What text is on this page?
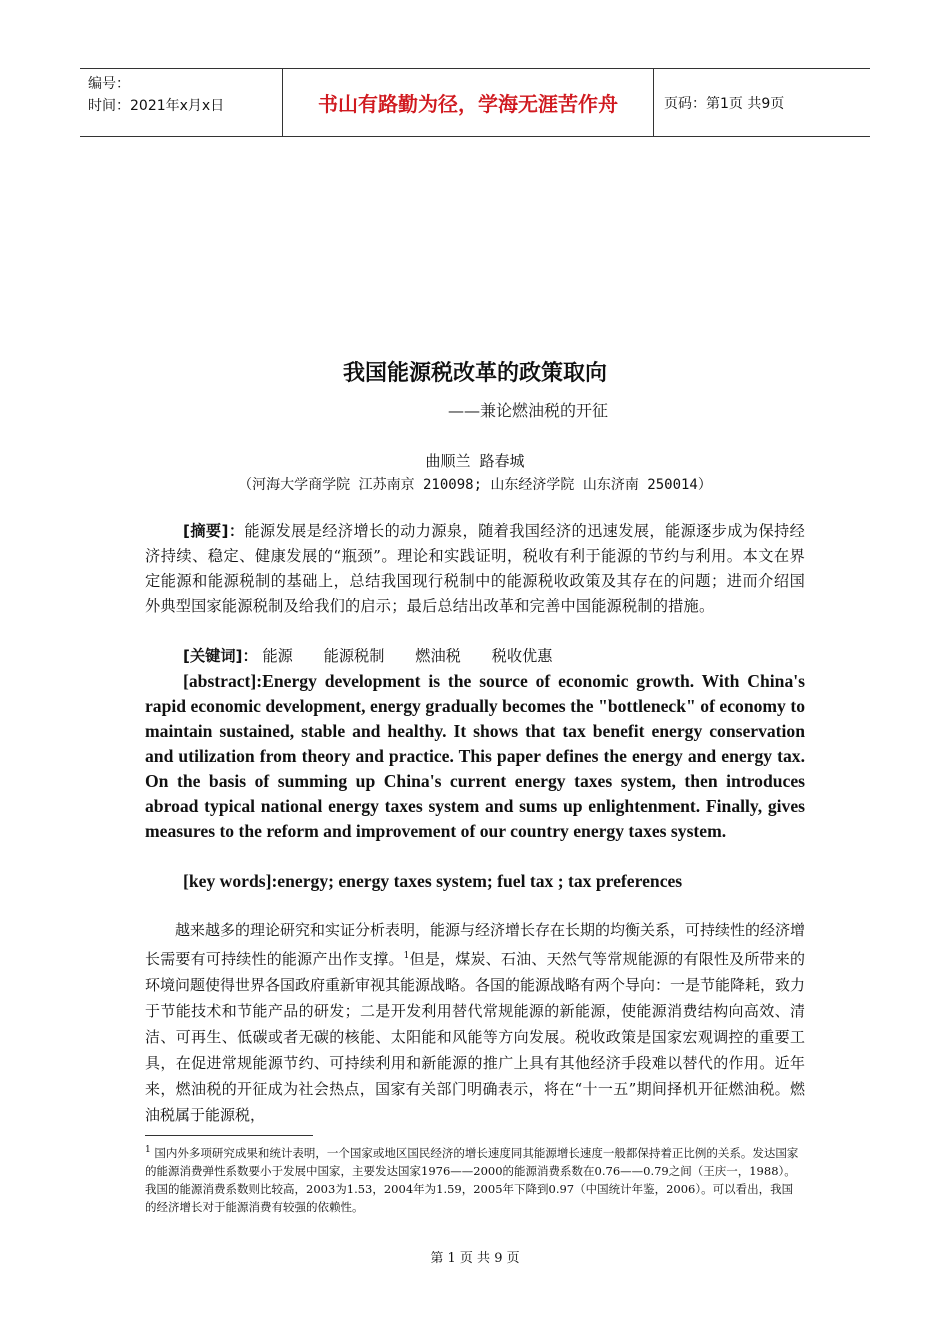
编号：
时间：2021年x月x日	书山有路勤为径，学海无涯苦作舟	页码：第1页 共9页
我国能源税改革的政策取向
——兼论燃油税的开征
曲顺兰 路春城
（河海大学商学院 江苏南京 210098; 山东经济学院 山东济南 250014）
[摘要]：能源发展是经济增长的动力源泉，随着我国经济的迅速发展，能源逐步成为保持经济持续、稳定、健康发展的“瓶颈”。理论和实践证明，税收有利于能源的节约与利用。本文在界定能源和能源税制的基础上，总结我国现行税制中的能源税收政策及其存在的问题；进而介绍国外典型国家能源税制及给我们的启示；最后总结出改革和完善中国能源税制的措施。
[关键词]： 能源 能源税制 燃油税 税收优惠
[abstract]:Energy development is the source of economic growth. With China's rapid economic development, energy gradually becomes the "bottleneck" of economy to maintain sustained, stable and healthy. It shows that tax benefit energy conservation and utilization from theory and practice. This paper defines the energy and energy tax. On the basis of summing up China's current energy taxes system, then introduces abroad typical national energy taxes system and sums up enlightenment. Finally, gives measures to the reform and improvement of our country energy taxes system.
[key words]:energy; energy taxes system; fuel tax ; tax preferences
越来越多的理论研究和实证分析表明，能源与经济增长存在长期的均衡关系，可持续性的经济增长需要有可持续性的能源产出作支撑。$^1$但是，煤炭、石油、天然气等常规能源的有限性及所带来的环境问题使得世界各国政府重新审视其能源战略。各国的能源战略有两个导向：一是节能降耗，致力于节能技术和节能产品的研发；二是开发利用替代常规能源的新能源，使能源消费结构向高效、清洁、可再生、低碳或者无碳的核能、太阳能和风能等方向发展。税收政策是国家宏观调控的重要工具，在促进常规能源节约、可持续利用和新能源的推广上具有其他经济手段难以替代的作用。近年来，燃油税的开征成为社会热点，国家有关部门明确表示，将在“十一五”期间择机开征燃油税。燃油税属于能源税，
$^1$ 国内外多项研究成果和统计表明，一个国家或地区国民经济的增长速度同其能源增长速度一般都保持着正比例的关系。发达国家的能源消费弹性系数要小于发展中国家，主要发达国家1976——2000的能源消费系数在0.76——0.79之间（王庆一，1988）。我国的能源消费系数则比较高，2003为1.53，2004年为1.59，2005年下降到0.97（中国统计年鉴，2006）。可以看出，我国的经济增长对于能源消费有较强的依赖性。
第 1 页 共 9 页
